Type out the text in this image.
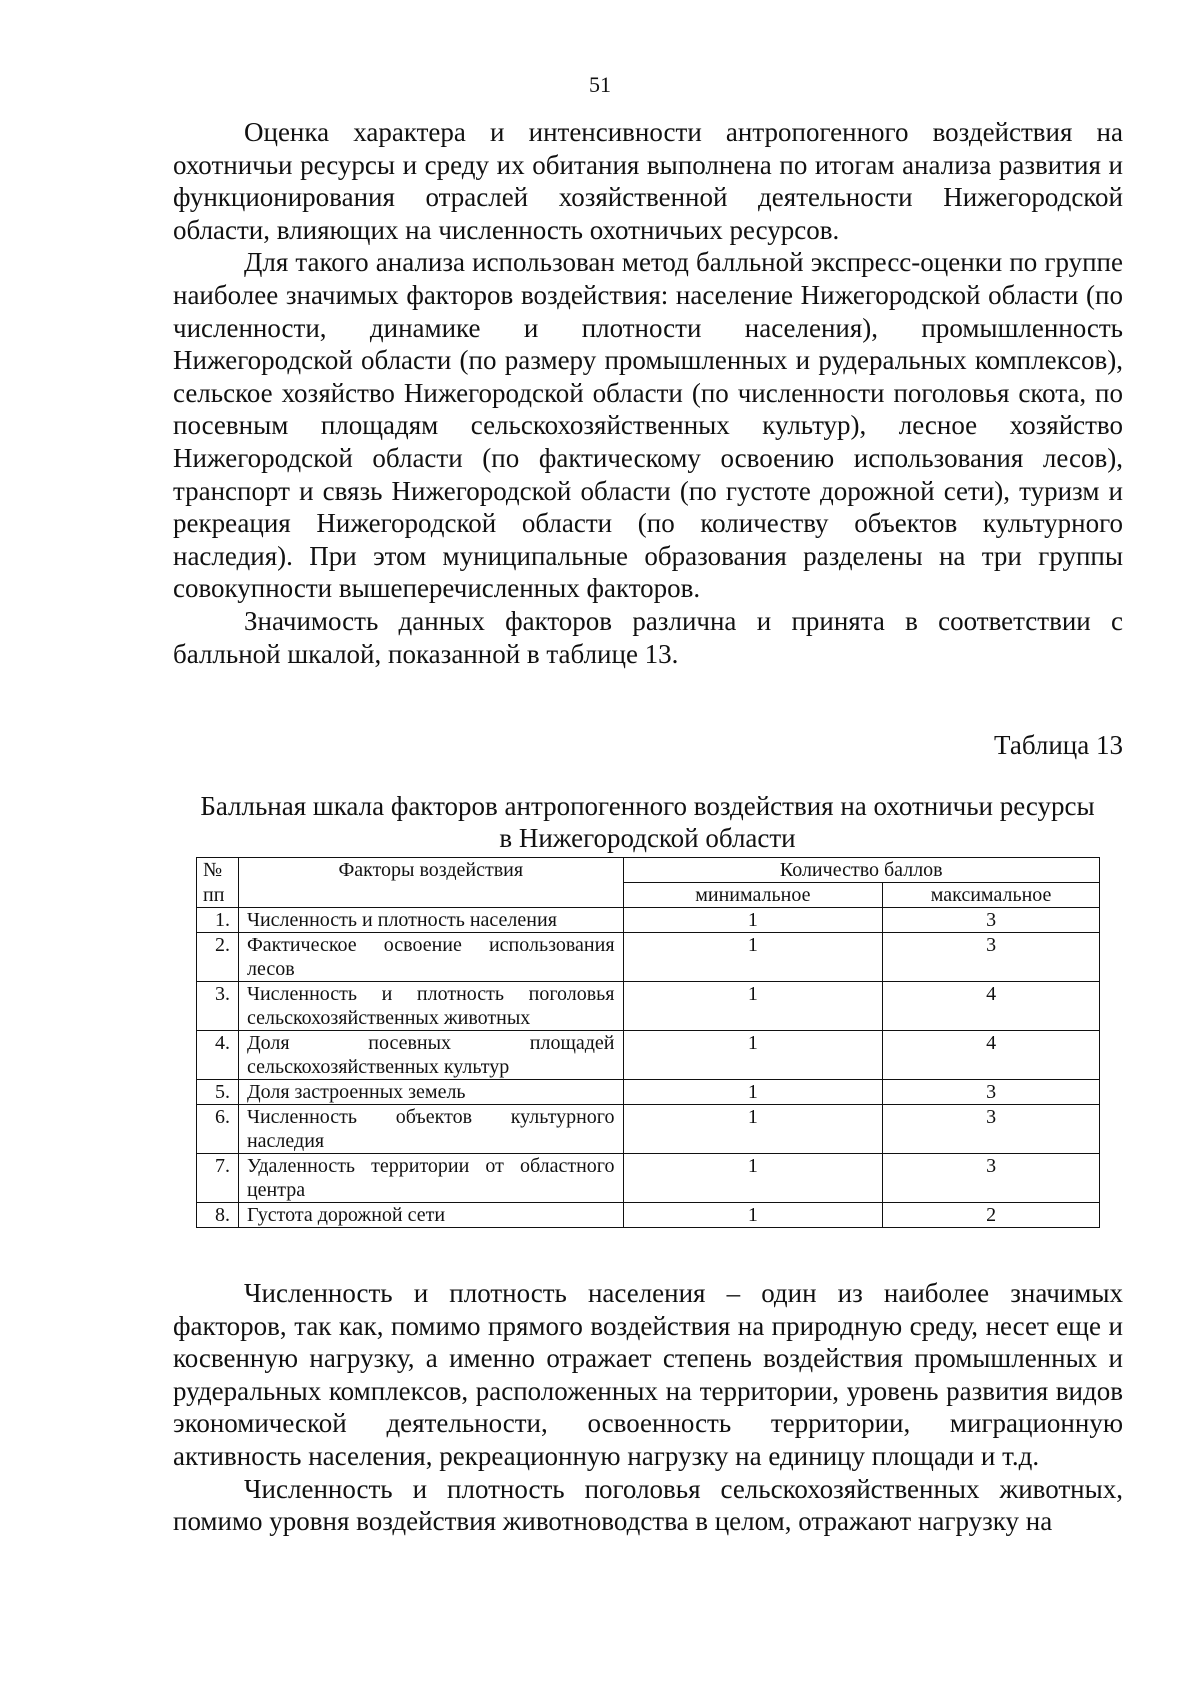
51

Оценка характера и интенсивности антропогенного воздействия на охотничьи ресурсы и среду их обитания выполнена по итогам анализа развития и функционирования отраслей хозяйственной деятельности Нижегородской области, влияющих на численность охотничьих ресурсов.

Для такого анализа использован метод балльной экспресс-оценки по группе наиболее значимых факторов воздействия: население Нижегородской области (по численности, динамике и плотности населения), промышленность Нижегородской области (по размеру промышленных и рудеральных комплексов), сельское хозяйство Нижегородской области (по численности поголовья скота, по посевным площадям сельскохозяйственных культур), лесное хозяйство Нижегородской области (по фактическому освоению использования лесов), транспорт и связь Нижегородской области (по густоте дорожной сети), туризм и рекреация Нижегородской области (по количеству объектов культурного наследия). При этом муниципальные образования разделены на три группы совокупности вышеперечисленных факторов.

Значимость данных факторов различна и принята в соответствии с балльной шкалой, показанной в таблице 13.

Таблица 13
Балльная шкала факторов антропогенного воздействия на охотничьи ресурсы
в Нижегородской области
№	Факторы воздействия	Количество баллов	
пп		минимальное	максимальное
1.	Численность и плотность населения	1	3
2.	Фактическое освоение использования лесов	1	3
3.	Численность и плотность поголовья сельскохозяйственных животных	1	4
4.	Доля посевных площадей сельскохозяйственных культур	1	4
5.	Доля застроенных земель	1	3
6.	Численность объектов культурного наследия	1	3
7.	Удаленность территории от областного центра	1	3
8.	Густота дорожной сети	1	2

Численность и плотность населения – один из наиболее значимых факторов, так как, помимо прямого воздействия на природную среду, несет еще и косвенную нагрузку, а именно отражает степень воздействия промышленных и рудеральных комплексов, расположенных на территории, уровень развития видов экономической деятельности, освоенность территории, миграционную активность населения, рекреационную нагрузку на единицу площади и т.д.

Численность и плотность поголовья сельскохозяйственных животных, помимо уровня воздействия животноводства в целом, отражают нагрузку на
